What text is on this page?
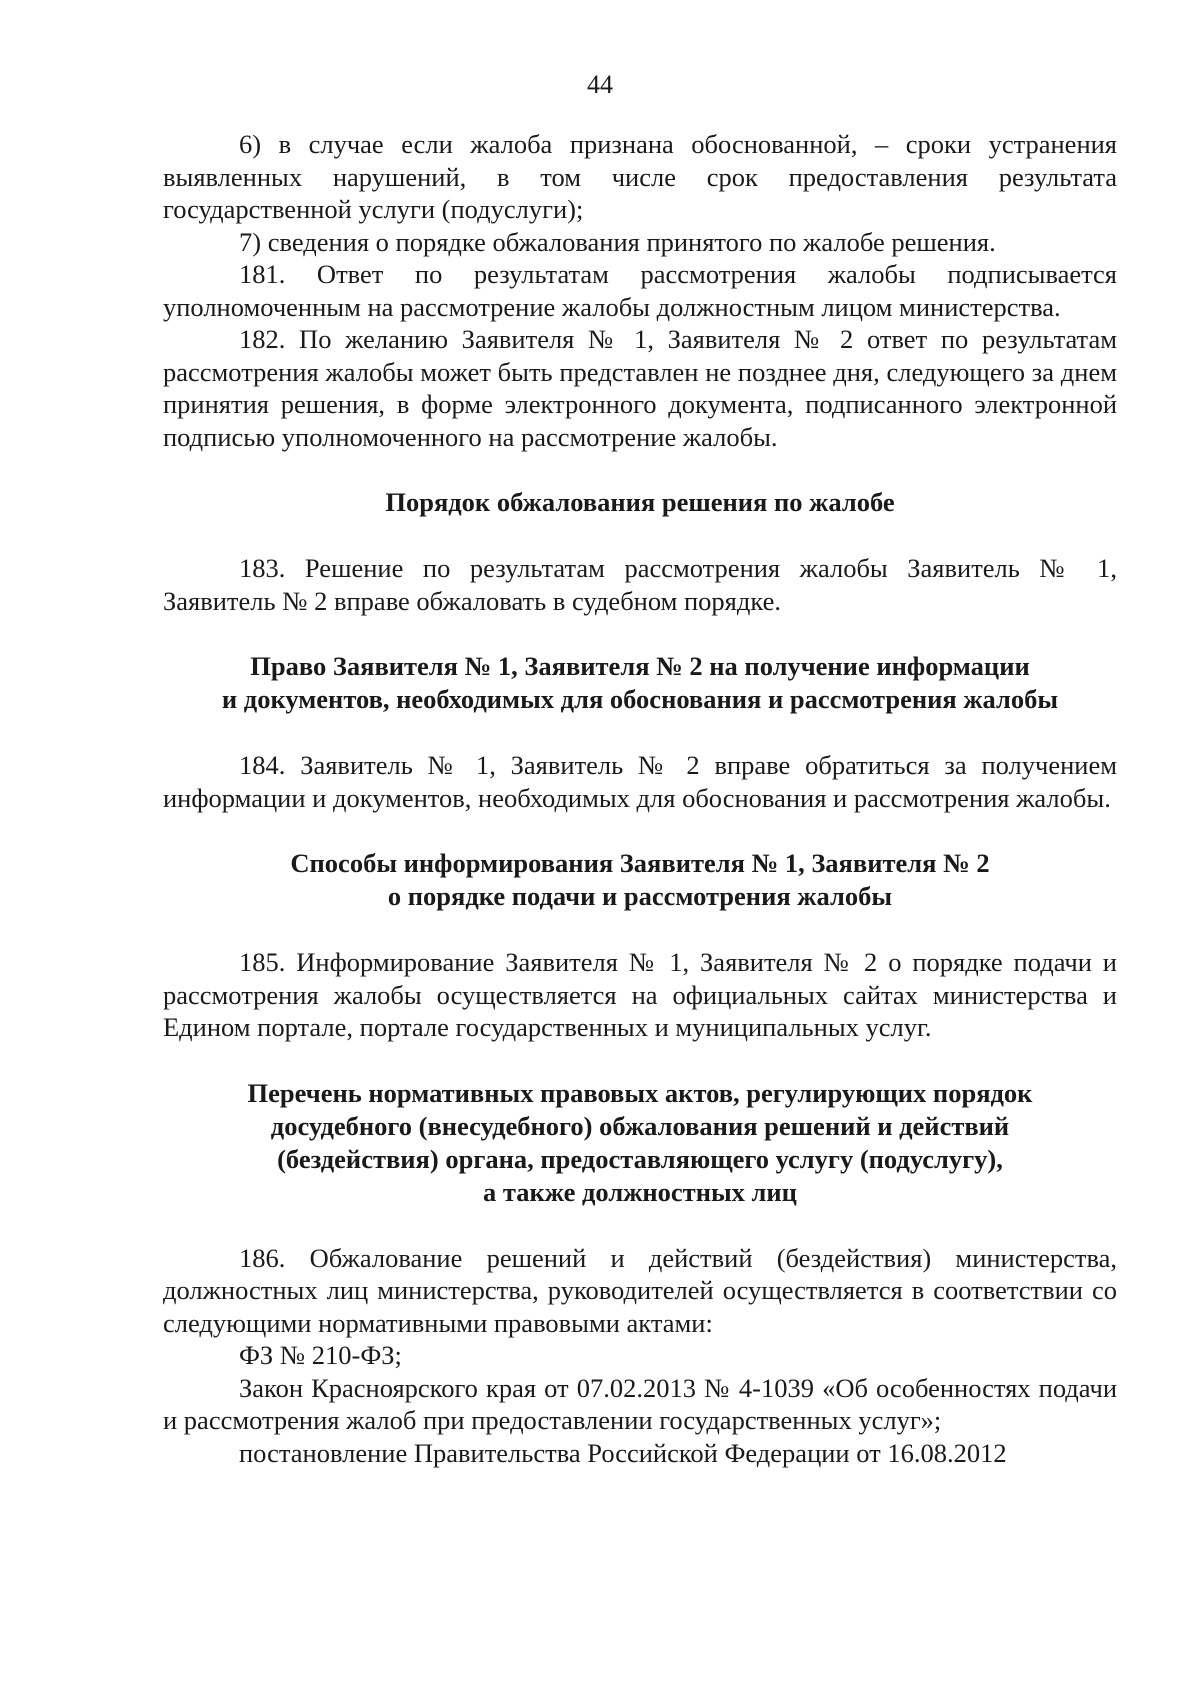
44

6) в случае если жалоба признана обоснованной, – сроки устранения выявленных нарушений, в том числе срок предоставления результата государственной услуги (подуслуги);

7) сведения о порядке обжалования принятого по жалобе решения.

181. Ответ по результатам рассмотрения жалобы подписывается уполномоченным на рассмотрение жалобы должностным лицом министерства.

182. По желанию Заявителя № 1, Заявителя № 2 ответ по результатам рассмотрения жалобы может быть представлен не позднее дня, следующего за днем принятия решения, в форме электронного документа, подписанного электронной подписью уполномоченного на рассмотрение жалобы.

Порядок обжалования решения по жалобе

183. Решение по результатам рассмотрения жалобы Заявитель № 1, Заявитель № 2 вправе обжаловать в судебном порядке.

Право Заявителя № 1, Заявителя № 2 на получение информации
и документов, необходимых для обоснования и рассмотрения жалобы

184. Заявитель № 1, Заявитель № 2 вправе обратиться за получением информации и документов, необходимых для обоснования и рассмотрения жалобы.

Способы информирования Заявителя № 1, Заявителя № 2
о порядке подачи и рассмотрения жалобы

185. Информирование Заявителя № 1, Заявителя № 2 о порядке подачи и рассмотрения жалобы осуществляется на официальных сайтах министерства и Едином портале, портале государственных и муниципальных услуг.

Перечень нормативных правовых актов, регулирующих порядок
досудебного (внесудебного) обжалования решений и действий
(бездействия) органа, предоставляющего услугу (подуслугу),
а также должностных лиц

186. Обжалование решений и действий (бездействия) министерства, должностных лиц министерства, руководителей осуществляется в соответствии со следующими нормативными правовыми актами:

ФЗ № 210-ФЗ;

Закон Красноярского края от 07.02.2013 № 4-1039 «Об особенностях подачи и рассмотрения жалоб при предоставлении государственных услуг»;

постановление Правительства Российской Федерации от 16.08.2012
